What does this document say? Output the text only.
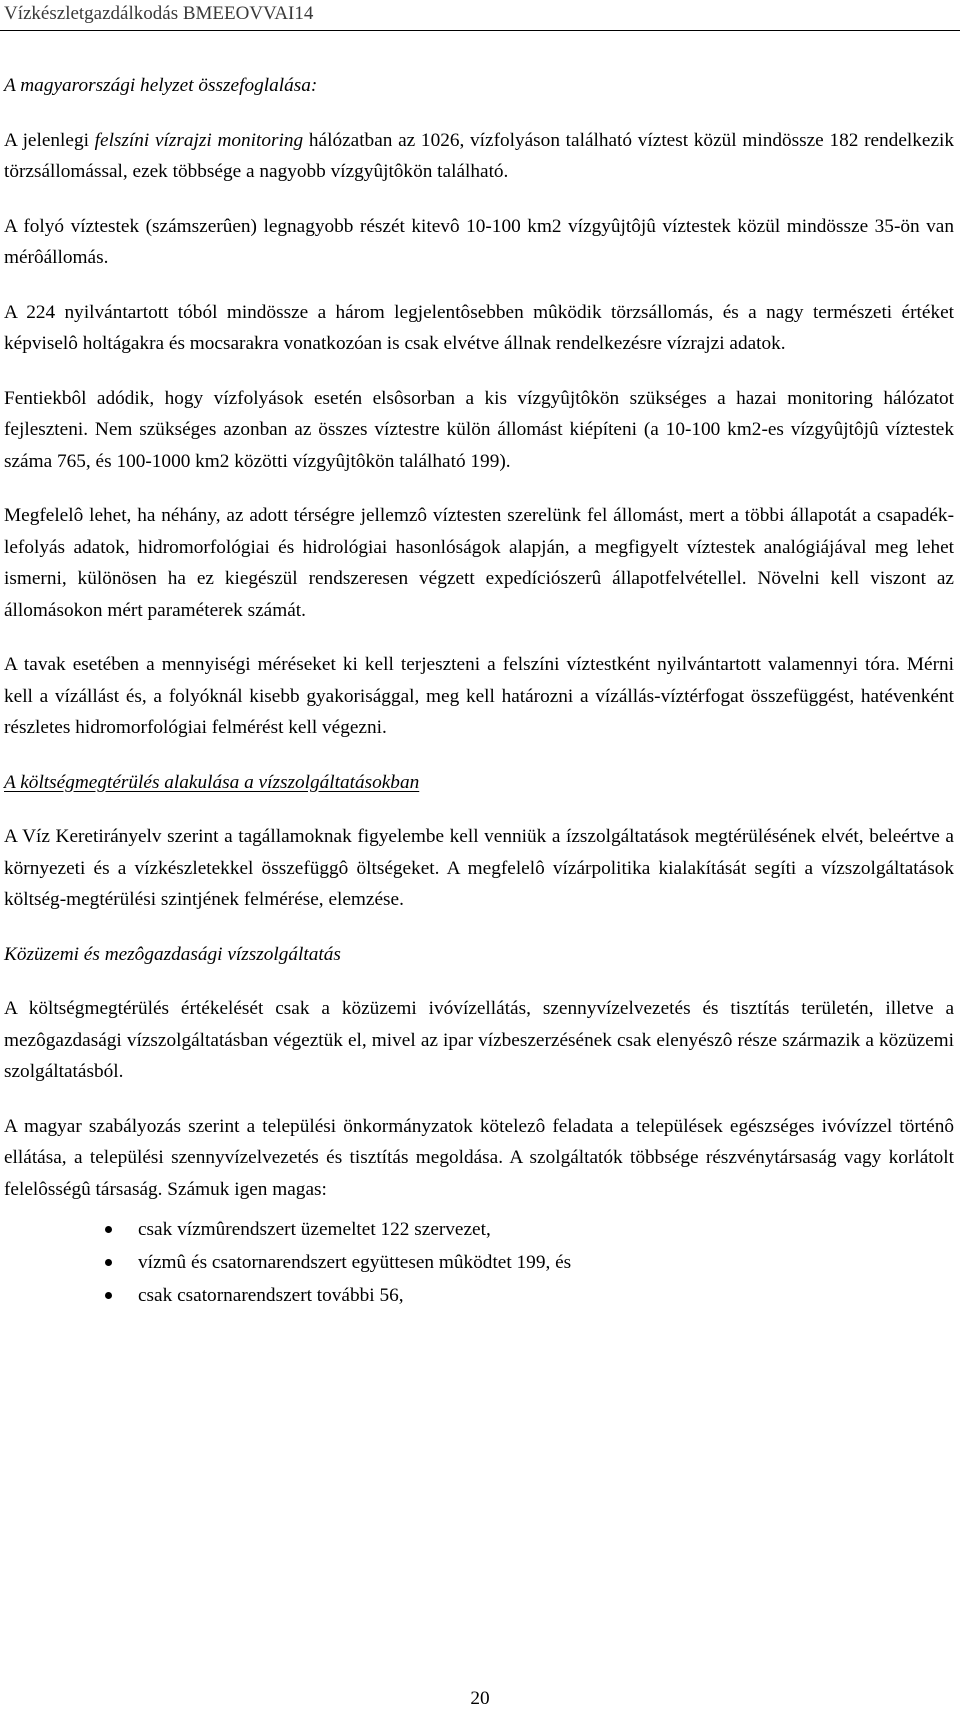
Vízkészletgazdálkodás BMEEOVVAI14
A magyarországi helyzet összefoglalása:

A jelenlegi felszíni vízrajzi monitoring hálózatban az 1026, vízfolyáson található víztest közül mindössze 182 rendelkezik törzsállomással, ezek többsége a nagyobb vízgyûjtôkön található.

A folyó víztestek (számszerûen) legnagyobb részét kitevô 10-100 km2 vízgyûjtôjû víztestek közül mindössze 35-ön van mérôállomás.

A 224 nyilvántartott tóból mindössze a három legjelentôsebben mûködik törzsállomás, és a nagy természeti értéket képviselô holtágakra és mocsarakra vonatkozóan is csak elvétve állnak rendelkezésre vízrajzi adatok.

Fentiekbôl adódik, hogy vízfolyások esetén elsôsorban a kis vízgyûjtôkön szükséges a hazai monitoring hálózatot fejleszteni. Nem szükséges azonban az összes víztestre külön állomást kiépíteni (a 10-100 km2-es vízgyûjtôjû víztestek száma 765, és 100-1000 km2 közötti vízgyûjtôkön található 199).

Megfelelô lehet, ha néhány, az adott térségre jellemzô víztesten szerelünk fel állomást, mert a többi állapotát a csapadék-lefolyás adatok, hidromorfológiai és hidrológiai hasonlóságok alapján, a megfigyelt víztestek analógiájával meg lehet ismerni, különösen ha ez kiegészül rendszeresen végzett expedíciószerû állapotfelvétellel. Növelni kell viszont az állomásokon mért paraméterek számát.

A tavak esetében a mennyiségi méréseket ki kell terjeszteni a felszíni víztestként nyilvántartott valamennyi tóra. Mérni kell a vízállást és, a folyóknál kisebb gyakorisággal, meg kell határozni a vízállás-víztérfogat összefüggést, hatévenként részletes hidromorfológiai felmérést kell végezni.

A költségmegtérülés alakulása a vízszolgáltatásokban

A Víz Keretirányelv szerint a tagállamoknak figyelembe kell venniük a ízszolgáltatások megtérülésének elvét, beleértve a környezeti és a vízkészletekkel összefüggô öltségeket. A megfelelô vízárpolitika kialakítását segíti a vízszolgáltatások költség-megtérülési szintjének felmérése, elemzése.

Közüzemi és mezôgazdasági vízszolgáltatás

A költségmegtérülés értékelését csak a közüzemi ivóvízellátás, szennyvízelvezetés és tisztítás területén, illetve a mezôgazdasági vízszolgáltatásban végeztük el, mivel az ipar vízbeszerzésének csak elenyészô része származik a közüzemi szolgáltatásból.

A magyar szabályozás szerint a települési önkormányzatok kötelezô feladata a települések egészséges ivóvízzel történô ellátása, a települési szennyvízelvezetés és tisztítás megoldása. A szolgáltatók többsége részvénytársaság vagy korlátolt felelôsségû társaság. Számuk igen magas:

csak vízmûrendszert üzemeltet 122 szervezet,
vízmû és csatornarendszert együttesen mûködtet 199, és
csak csatornarendszert további 56,
20
